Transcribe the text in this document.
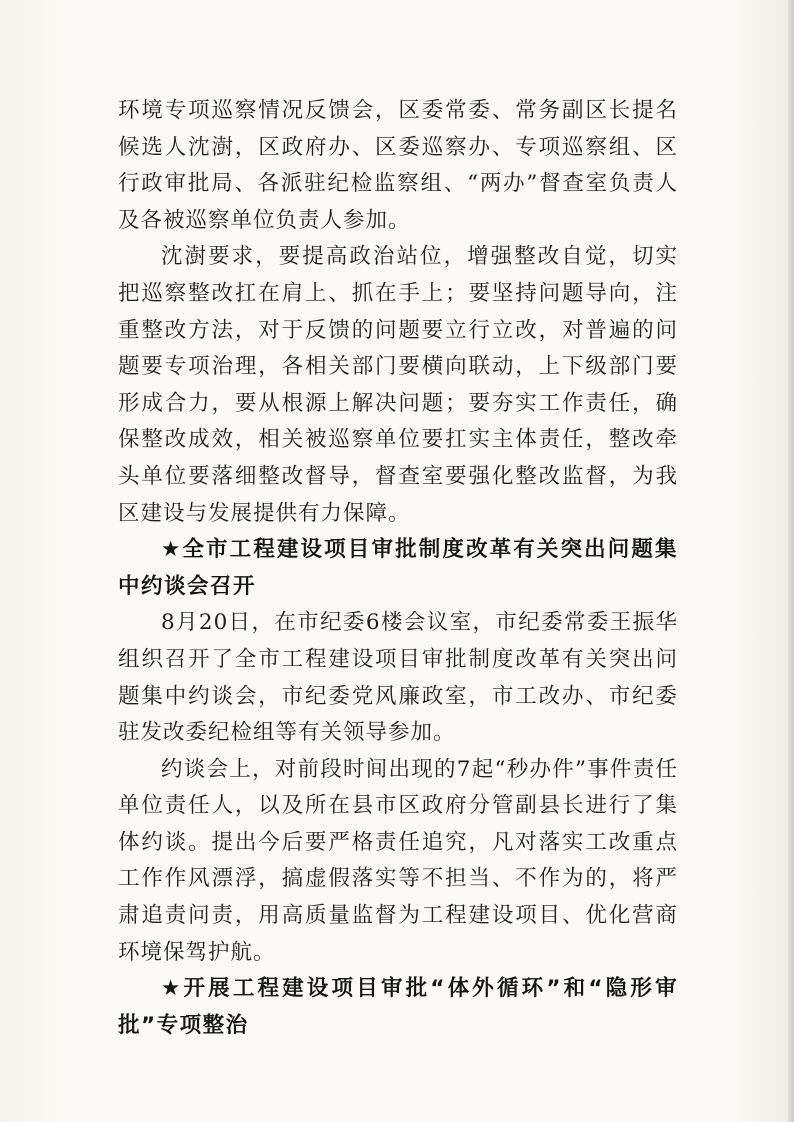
环境专项巡察情况反馈会，区委常委、常务副区长提名候选人沈澍，区政府办、区委巡察办、专项巡察组、区行政审批局、各派驻纪检监察组、“两办”督查室负责人及各被巡察单位负责人参加。

沈澍要求，要提高政治站位，增强整改自觉，切实把巡察整改扛在肩上、抓在手上；要坚持问题导向，注重整改方法，对于反馈的问题要立行立改，对普遍的问题要专项治理，各相关部门要横向联动，上下级部门要形成合力，要从根源上解决问题；要夯实工作责任，确保整改成效，相关被巡察单位要扛实主体责任，整改牵头单位要落细整改督导，督查室要强化整改监督，为我区建设与发展提供有力保障。

★全市工程建设项目审批制度改革有关突出问题集中约谈会召开

8月20日，在市纪委6楼会议室，市纪委常委王振华组织召开了全市工程建设项目审批制度改革有关突出问题集中约谈会，市纪委党风廉政室，市工改办、市纪委驻发改委纪检组等有关领导参加。

约谈会上，对前段时间出现的7起“秒办件”事件责任单位责任人，以及所在县市区政府分管副县长进行了集体约谈。提出今后要严格责任追究，凡对落实工改重点工作作风漂浮，搞虚假落实等不担当、不作为的，将严肃追责问责，用高质量监督为工程建设项目、优化营商环境保驾护航。

★开展工程建设项目审批“体外循环”和“隐形审批”专项整治
